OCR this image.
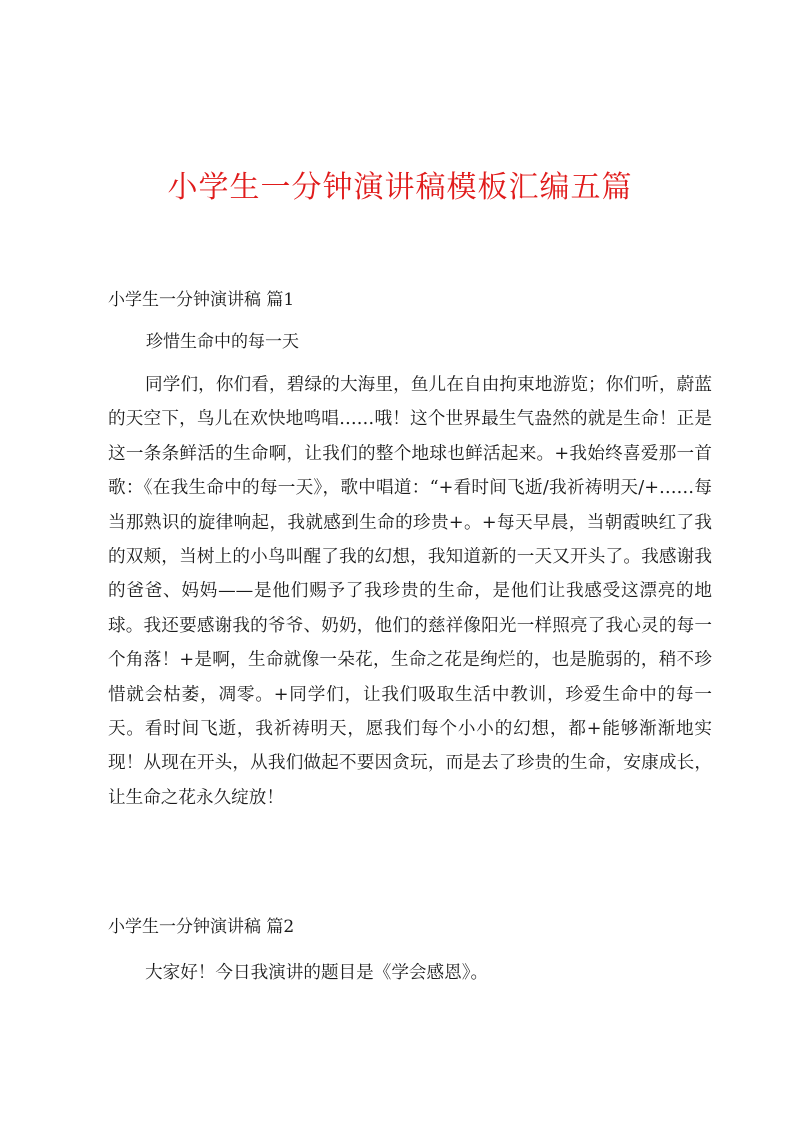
小学生一分钟演讲稿模板汇编五篇
小学生一分钟演讲稿 篇1
珍惜生命中的每一天

同学们，你们看，碧绿的大海里，鱼儿在自由拘束地游览；你们听，蔚蓝的天空下，鸟儿在欢快地鸣唱……哦！这个世界最生气盎然的就是生命！正是这一条条鲜活的生命啊，让我们的整个地球也鲜活起来。+我始终喜爱那一首歌：《在我生命中的每一天》，歌中唱道：“+看时间飞逝/我祈祷明天/+……每当那熟识的旋律响起，我就感到生命的珍贵+。+每天早晨，当朝霞映红了我的双颊，当树上的小鸟叫醒了我的幻想，我知道新的一天又开头了。我感谢我的爸爸、妈妈——是他们赐予了我珍贵的生命，是他们让我感受这漂亮的地球。我还要感谢我的爷爷、奶奶，他们的慈祥像阳光一样照亮了我心灵的每一个角落！+是啊，生命就像一朵花，生命之花是绚烂的，也是脆弱的，稍不珍惜就会枯萎，凋零。+同学们，让我们吸取生活中教训，珍爱生命中的每一天。看时间飞逝，我祈祷明天，愿我们每个小小的幻想，都+能够渐渐地实现！从现在开头，从我们做起不要因贪玩，而是去了珍贵的生命，安康成长，让生命之花永久绽放！

小学生一分钟演讲稿 篇2

大家好！今日我演讲的题目是《学会感恩》。
